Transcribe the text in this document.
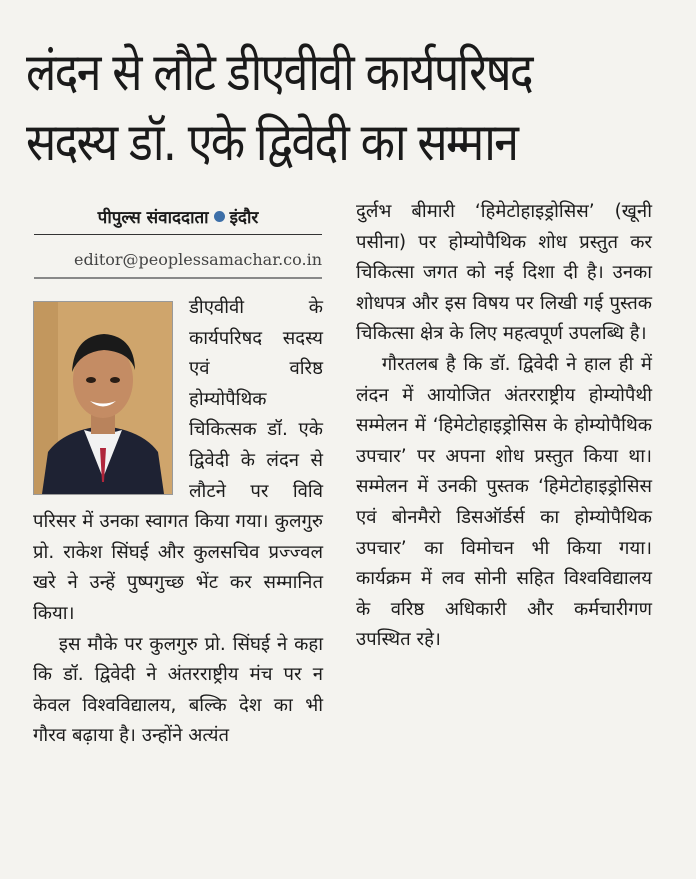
लंदन से लौटे डीएवीवी कार्यपरिषद
सदस्य डॉ. एके द्विवेदी का सम्मान
पीपुल्स संवाददाता इंदौर
editor@peoplessamachar.co.in

डीएवीवी के कार्यपरिषद सदस्य एवं वरिष्ठ होम्योपैथिक चिकित्सक डॉ. एके द्विवेदी के लंदन से लौटने पर विवि परिसर में उनका स्वागत किया गया। कुलगुरु प्रो. राकेश सिंघई और कुलसचिव प्रज्ज्वल खरे ने उन्हें पुष्पगुच्छ भेंट कर सम्मानित किया।

इस मौके पर कुलगुरु प्रो. सिंघई ने कहा कि डॉ. द्विवेदी ने अंतरराष्ट्रीय मंच पर न केवल विश्वविद्यालय, बल्कि देश का भी गौरव बढ़ाया है। उन्होंने अत्यंत

दुर्लभ बीमारी ‘हिमेटोहाइड्रोसिस’ (खूनी पसीना) पर होम्योपैथिक शोध प्रस्तुत कर चिकित्सा जगत को नई दिशा दी है। उनका शोधपत्र और इस विषय पर लिखी गई पुस्तक चिकित्सा क्षेत्र के लिए महत्वपूर्ण उपलब्धि है।

गौरतलब है कि डॉ. द्विवेदी ने हाल ही में लंदन में आयोजित अंतरराष्ट्रीय होम्योपैथी सम्मेलन में ‘हिमेटोहाइड्रोसिस के होम्योपैथिक उपचार’ पर अपना शोध प्रस्तुत किया था। सम्मेलन में उनकी पुस्तक ‘हिमेटोहाइड्रोसिस एवं बोनमैरो डिसऑर्डर्स का होम्योपैथिक उपचार’ का विमोचन भी किया गया। कार्यक्रम में लव सोनी सहित विश्वविद्यालय के वरिष्ठ अधिकारी और कर्मचारीगण उपस्थित रहे।
